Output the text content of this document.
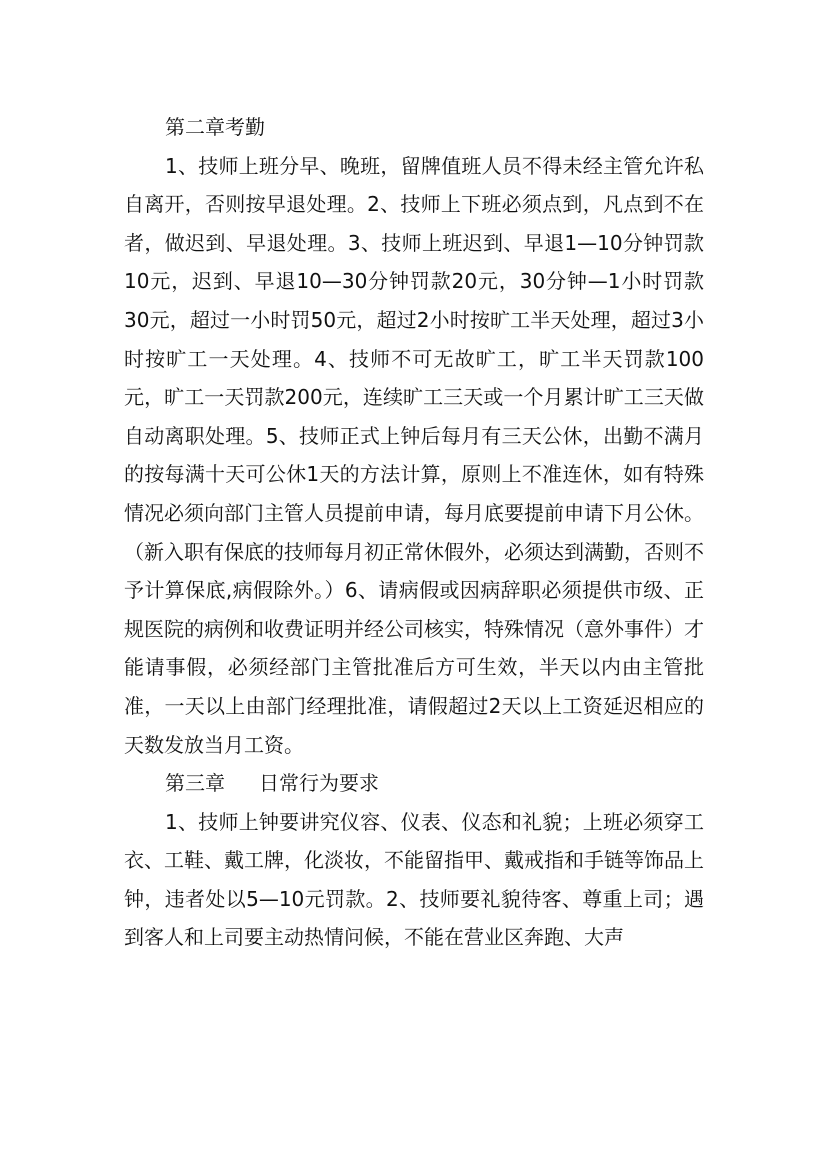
第二章考勤

1、技师上班分早、晚班，留牌值班人员不得未经主管允许私自离开，否则按早退处理。2、技师上下班必须点到，凡点到不在者，做迟到、早退处理。3、技师上班迟到、早退1—10分钟罚款10元，迟到、早退10—30分钟罚款20元，30分钟—1小时罚款30元，超过一小时罚50元，超过2小时按旷工半天处理，超过3小时按旷工一天处理。4、技师不可无故旷工，旷工半天罚款100元，旷工一天罚款200元，连续旷工三天或一个月累计旷工三天做自动离职处理。5、技师正式上钟后每月有三天公休，出勤不满月的按每满十天可公休1天的方法计算，原则上不准连休，如有特殊情况必须向部门主管人员提前申请，每月底要提前申请下月公休。（新入职有保底的技师每月初正常休假外，必须达到满勤，否则不予计算保底,病假除外。）6、请病假或因病辞职必须提供市级、正规医院的病例和收费证明并经公司核实，特殊情况（意外事件）才能请事假，必须经部门主管批准后方可生效，半天以内由主管批准，一天以上由部门经理批准，请假超过2天以上工资延迟相应的天数发放当月工资。

第三章 日常行为要求

1、技师上钟要讲究仪容、仪表、仪态和礼貌；上班必须穿工衣、工鞋、戴工牌，化淡妆，不能留指甲、戴戒指和手链等饰品上钟，违者处以5—10元罚款。2、技师要礼貌待客、尊重上司；遇到客人和上司要主动热情问候，不能在营业区奔跑、大声
